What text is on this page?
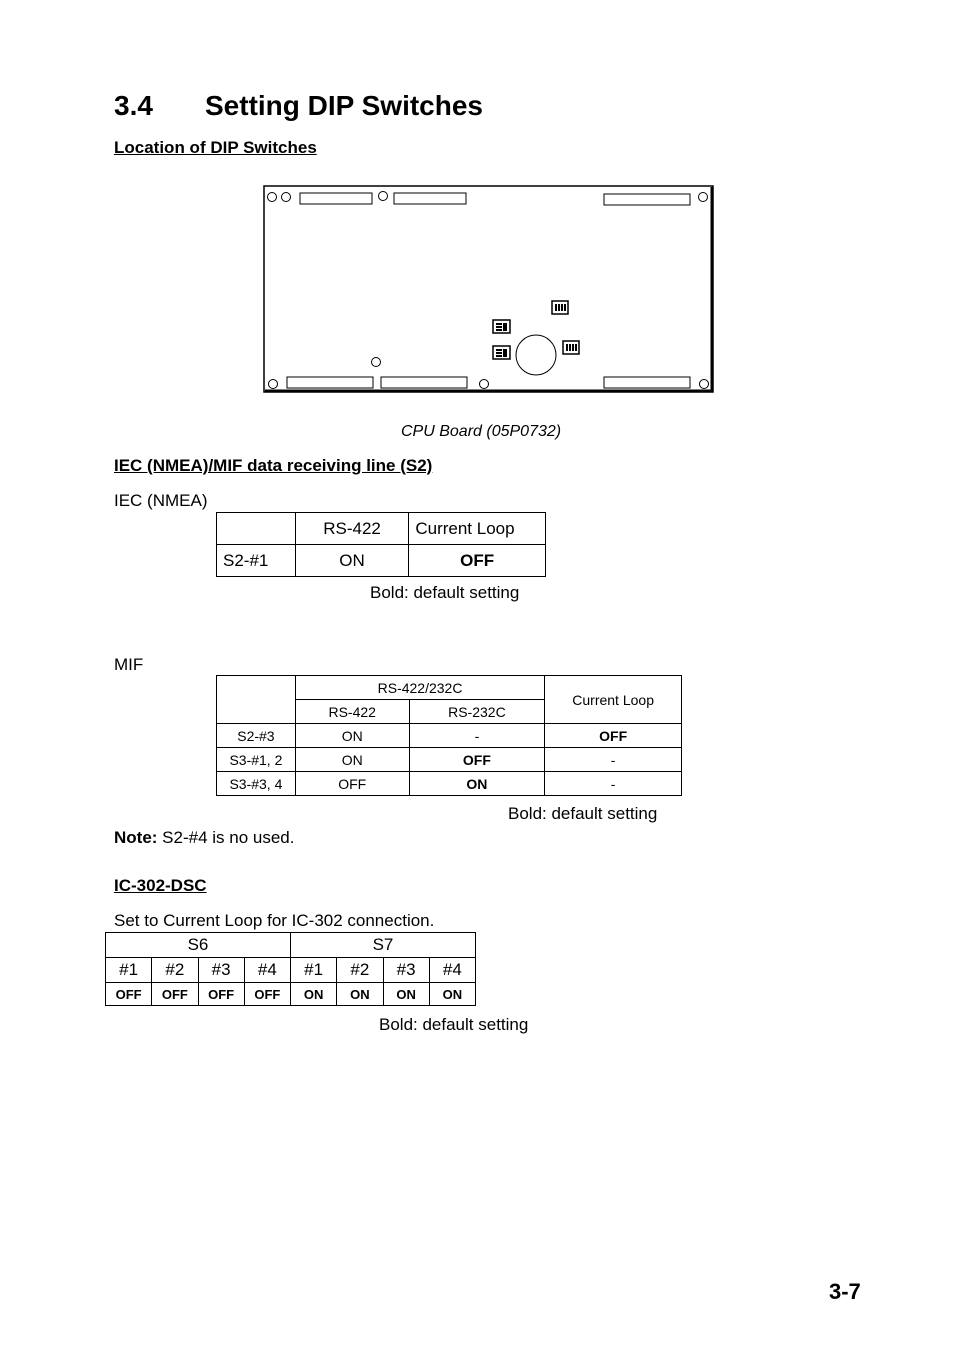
3.4 Setting DIP Switches
Location of DIP Switches
CPU Board (05P0732)
IEC (NMEA)/MIF data receiving line (S2)
IEC (NMEA)
	RS-422	Current Loop
S2-#1	ON	OFF
Bold: default setting
MIF
	RS-422/232C		Current Loop
	RS-422	RS-232C	
S2-#3	ON	-	OFF
S3-#1, 2	ON	OFF	-
S3-#3, 4	OFF	ON	-
Bold: default setting
Note: S2-#4 is no used.
IC-302-DSC
Set to Current Loop for IC-302 connection.
S6				S7			
#1	#2	#3	#4	#1	#2	#3	#4
OFF	OFF	OFF	OFF	ON	ON	ON	ON
Bold: default setting
3-7
